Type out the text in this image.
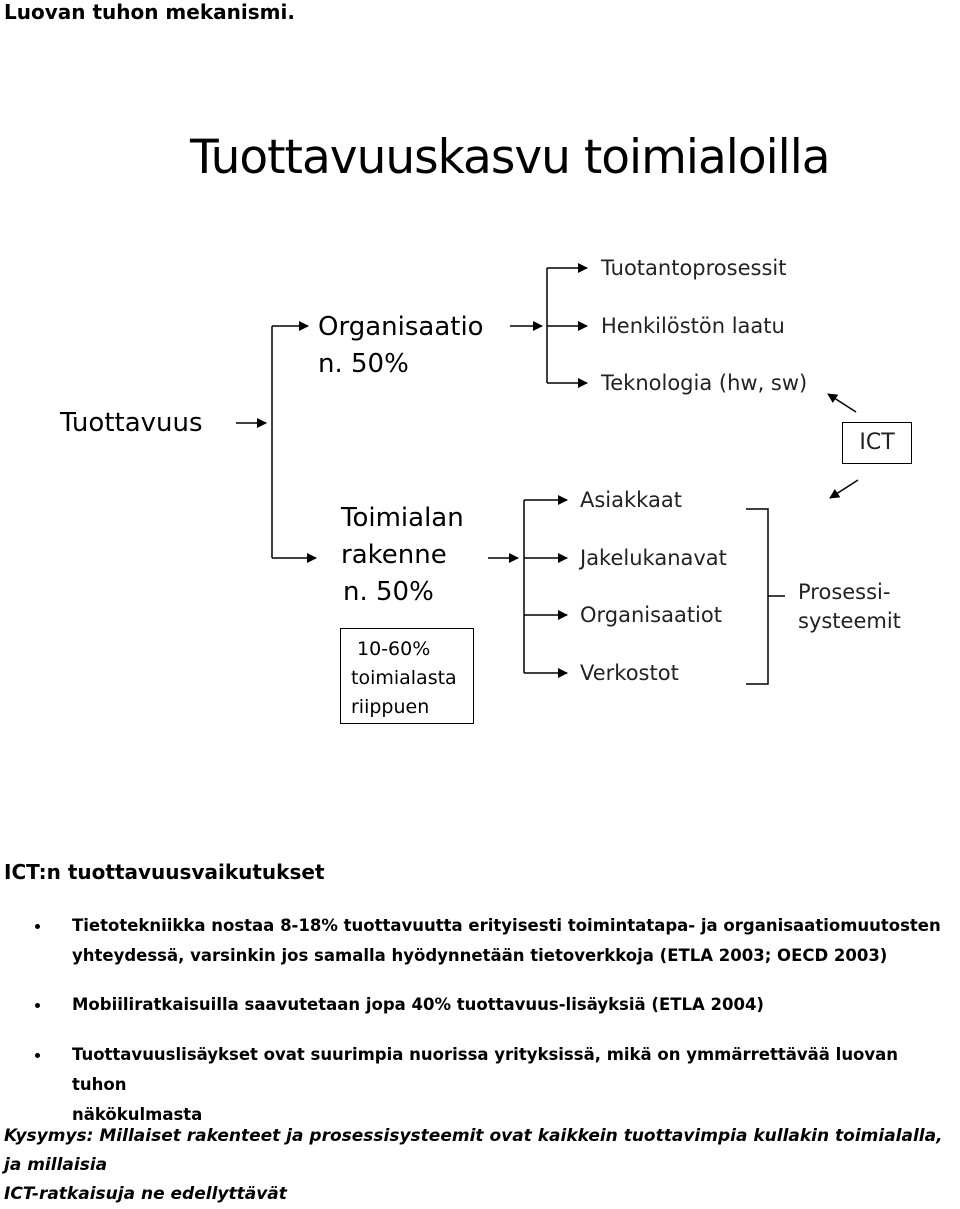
Luovan tuhon mekanismi.
Tuottavuuskasvu toimialoilla
Tuottavuus
Organisaatio
n. 50%
Tuotantoprosessit
Henkilöstön laatu
Teknologia (hw, sw)
Toimialan
rakenne
n. 50%
10-60%
toimialasta
riippuen
Asiakkaat
Jakelukanavat
Organisaatiot
Verkostot
ICT
Prosessi-
systeemit
ICT:n tuottavuusvaikutukset
Tietotekniikka nostaa 8-18% tuottavuutta erityisesti toimintatapa- ja organisaatiomuutosten
yhteydessä, varsinkin jos samalla hyödynnetään tietoverkkoja (ETLA 2003; OECD 2003)
Mobiiliratkaisuilla saavutetaan jopa 40% tuottavuus-lisäyksiä (ETLA 2004)
Tuottavuuslisäykset ovat suurimpia nuorissa yrityksissä, mikä on ymmärrettävää luovan tuhon
näkökulmasta
Kysymys: Millaiset rakenteet ja prosessisysteemit ovat kaikkein tuottavimpia kullakin toimialalla, ja millaisia
ICT-ratkaisuja ne edellyttävät
